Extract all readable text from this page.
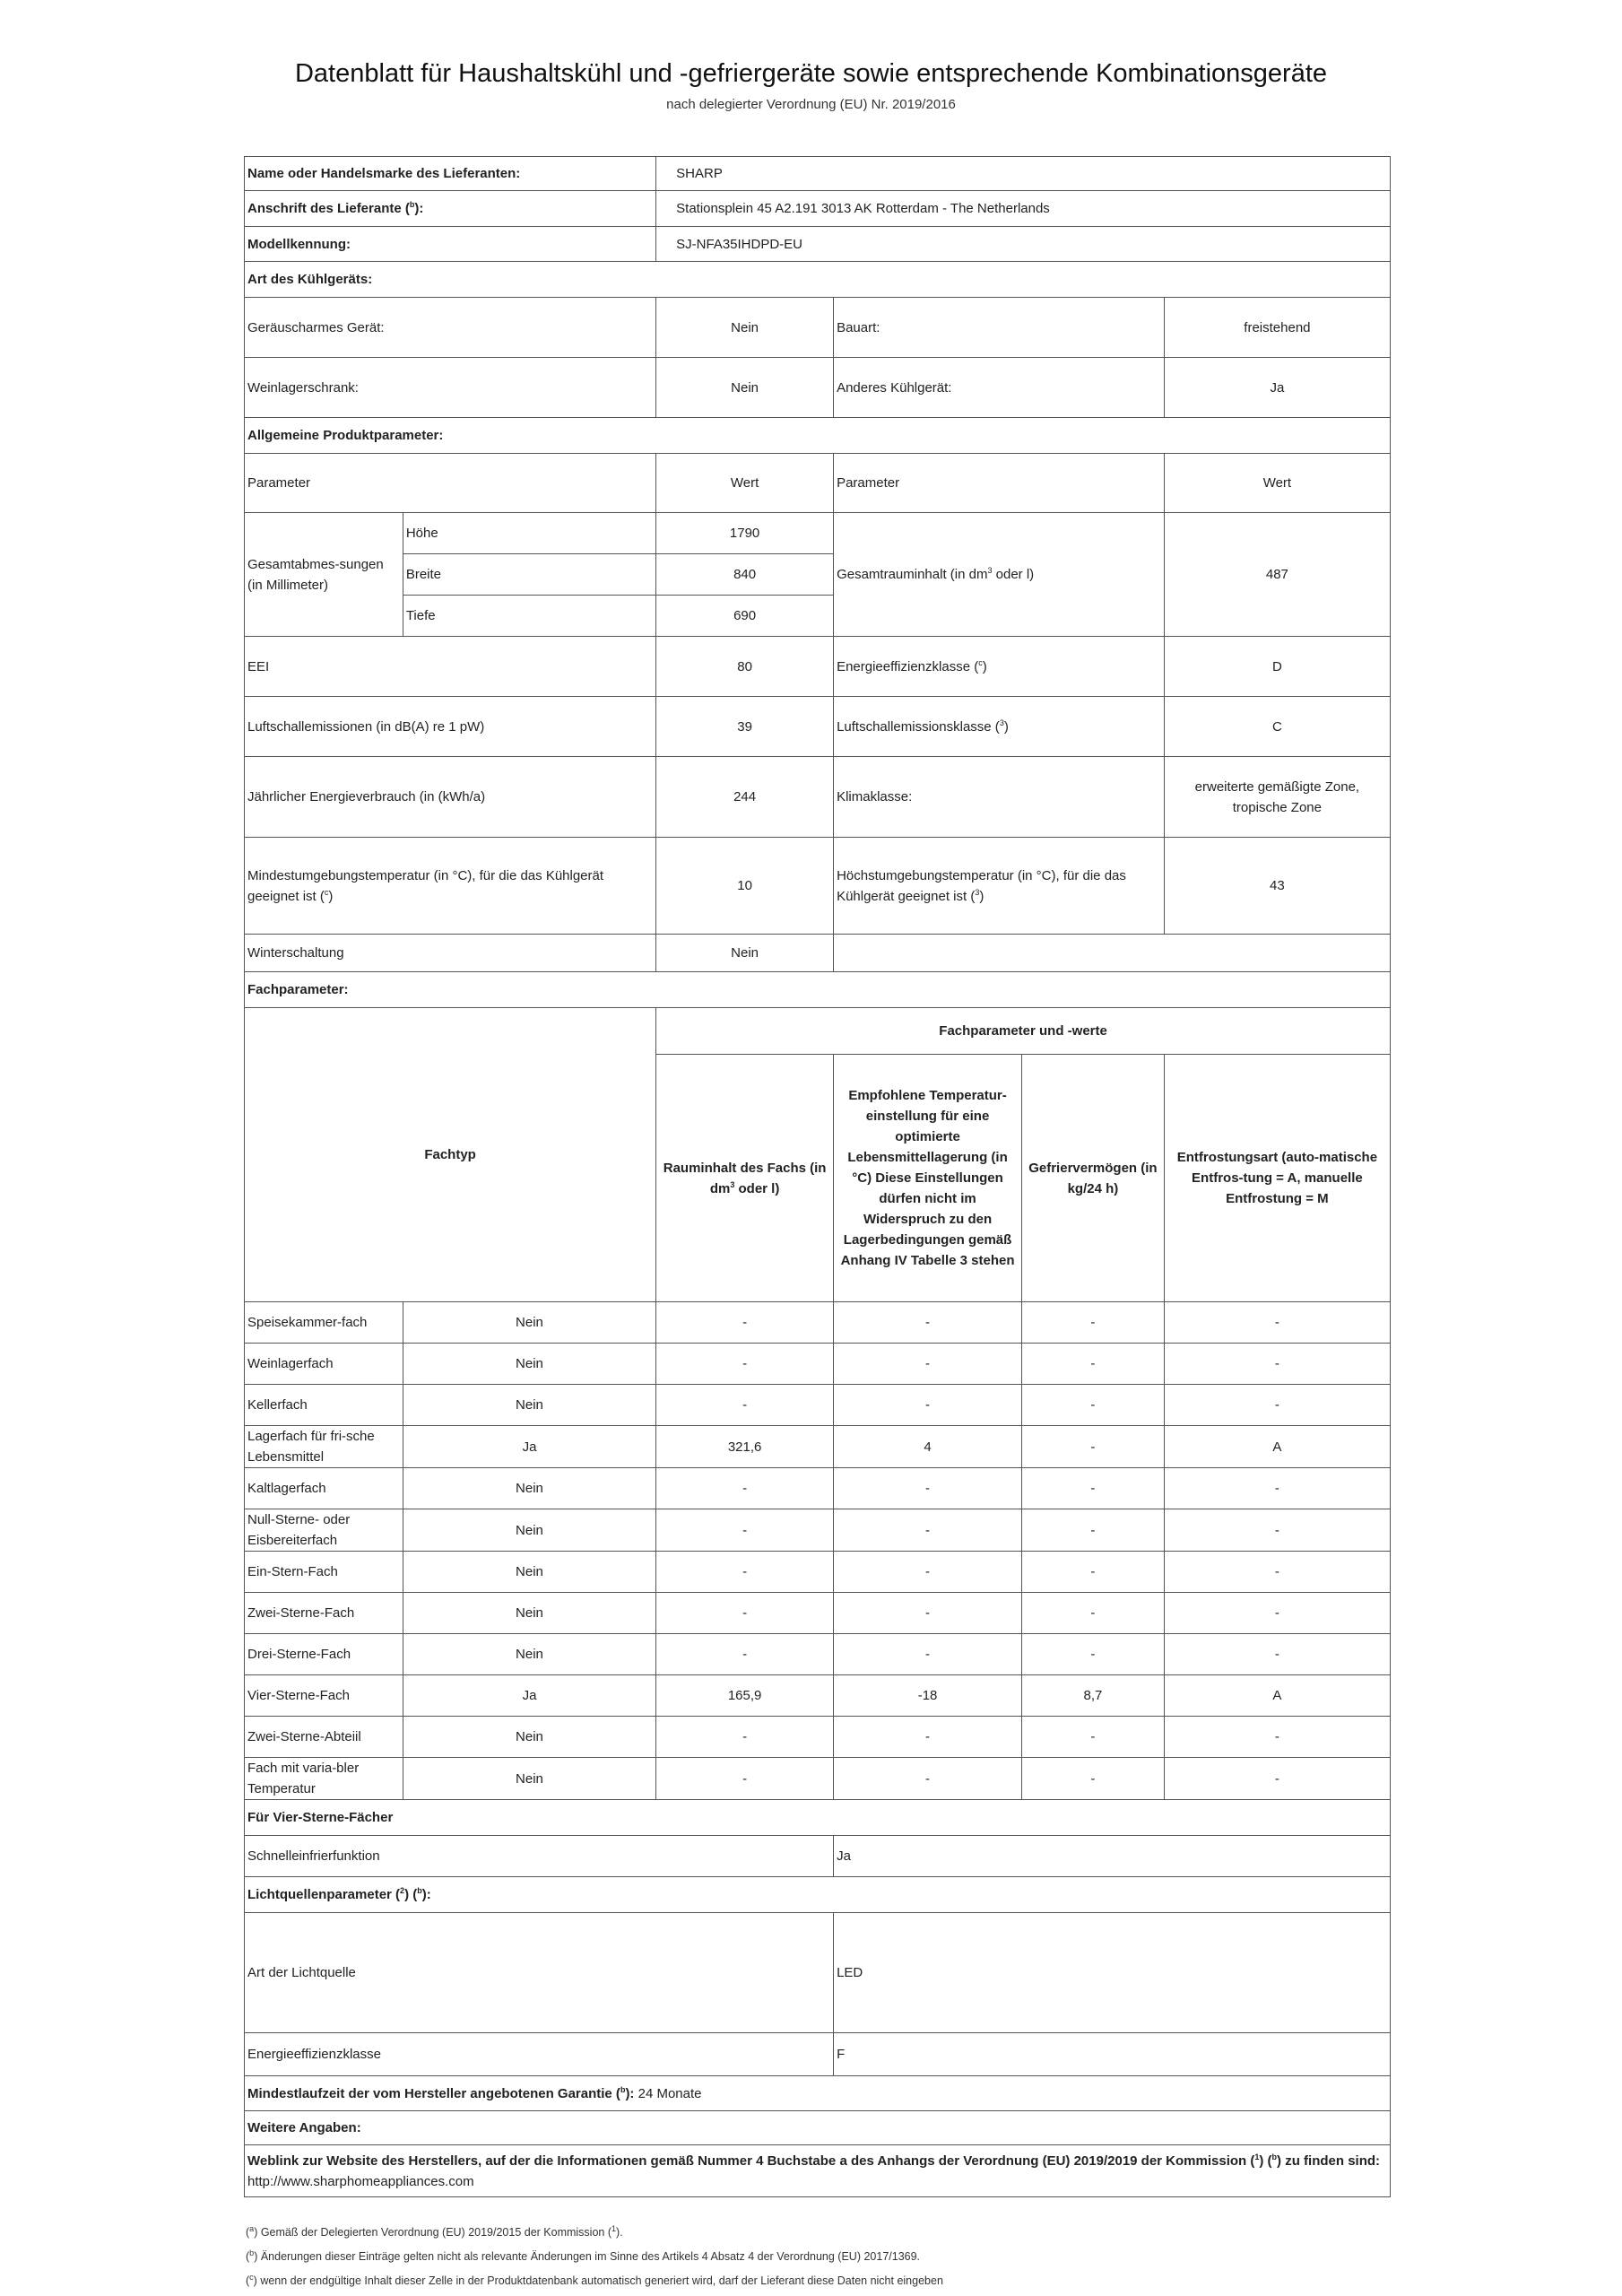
Datenblatt für Haushaltskühl und -gefriergeräte sowie entsprechende Kombinationsgeräte
nach delegierter Verordnung (EU) Nr. 2019/2016
Name oder Handelsmarke des Lieferanten:		SHARP			
Anschrift des Lieferante ($^b$):		Stationsplein 45 A2.191 3013 AK Rotterdam - The Netherlands			
Modellkennung:		SJ-NFA35IHDPD-EU			
Art des Kühlgeräts:					
Geräuscharmes Gerät:		Nein	Bauart:		freistehend
Weinlagerschrank:		Nein	Anderes Kühlgerät:		Ja
Allgemeine Produktparameter:					
Parameter		Wert	Parameter		Wert
Gesamtabmes-sungen (in Millimeter)	Höhe	1790	Gesamtrauminhalt (in $dm^3$ oder l)		487
	Breite	840			
	Tiefe	690			
EEI		80	Energieeffizienzklasse ($^c$)		D
Luftschallemissionen (in dB(A) re 1 pW)		39	Luftschallemissionsklasse ($^3$)		C
Jährlicher Energieverbrauch (in (kWh/a)		244	Klimaklasse:		erweiterte gemäßigte Zone, tropische Zone
Mindestumgebungstemperatur (in °C), für die das Kühlgerät geeignet ist ($^c$)		10	Höchstumgebungstemperatur (in °C), für die das Kühlgerät geeignet ist ($^3$)		43
Winterschaltung		Nein			
Fachparameter:					
Fachtyp		Fachparameter und -werte			
		Rauminhalt des Fachs (in $dm^3$ oder l)	Empfohlene Temperatur-einstellung für eine optimierte Lebensmittellagerung (in °C) Diese Einstellungen dürfen nicht im Widerspruch zu den Lagerbedingungen gemäß Anhang IV Tabelle 3 stehen	Gefriervermögen (in kg/24 h)	Entfrostungsart (auto-matische Entfros-tung = A, manuelle Entfrostung = M
Speisekammer-fach	Nein	-	-	-	-
Weinlagerfach	Nein	-	-	-	-
Kellerfach	Nein	-	-	-	-
Lagerfach für fri-sche Lebensmittel	Ja	321,6	4	-	A
Kaltlagerfach	Nein	-	-	-	-
Null-Sterne- oder Eisbereiterfach	Nein	-	-	-	-
Ein-Stern-Fach	Nein	-	-	-	-
Zwei-Sterne-Fach	Nein	-	-	-	-
Drei-Sterne-Fach	Nein	-	-	-	-
Vier-Sterne-Fach	Ja	165,9	-18	8,7	A
Zwei-Sterne-Abteiil	Nein	-	-	-	-
Fach mit varia-bler Temperatur	Nein	-	-	-	-
Für Vier-Sterne-Fächer					
Schnelleinfrierfunktion			Ja		
Lichtquellenparameter ($^2$) ($^b$):					
Art der Lichtquelle			LED		
Energieeffizienzklasse			F		
Mindestlaufzeit der vom Hersteller angebotenen Garantie ($^b$): 24 Monate					
Weitere Angaben:					
Weblink zur Website des Herstellers, auf der die Informationen gemäß Nummer 4 Buchstabe a des Anhangs der Verordnung (EU) 2019/2019 der Kommission ($^1$) ($^b$) zu finden sind: http://www.sharphomeappliances.com					
($^a$) Gemäß der Delegierten Verordnung (EU) 2019/2015 der Kommission ($^1$).
($^b$) Änderungen dieser Einträge gelten nicht als relevante Änderungen im Sinne des Artikels 4 Absatz 4 der Verordnung (EU) 2017/1369.
($^c$) wenn der endgültige Inhalt dieser Zelle in der Produktdatenbank automatisch generiert wird, darf der Lieferant diese Daten nicht eingeben
